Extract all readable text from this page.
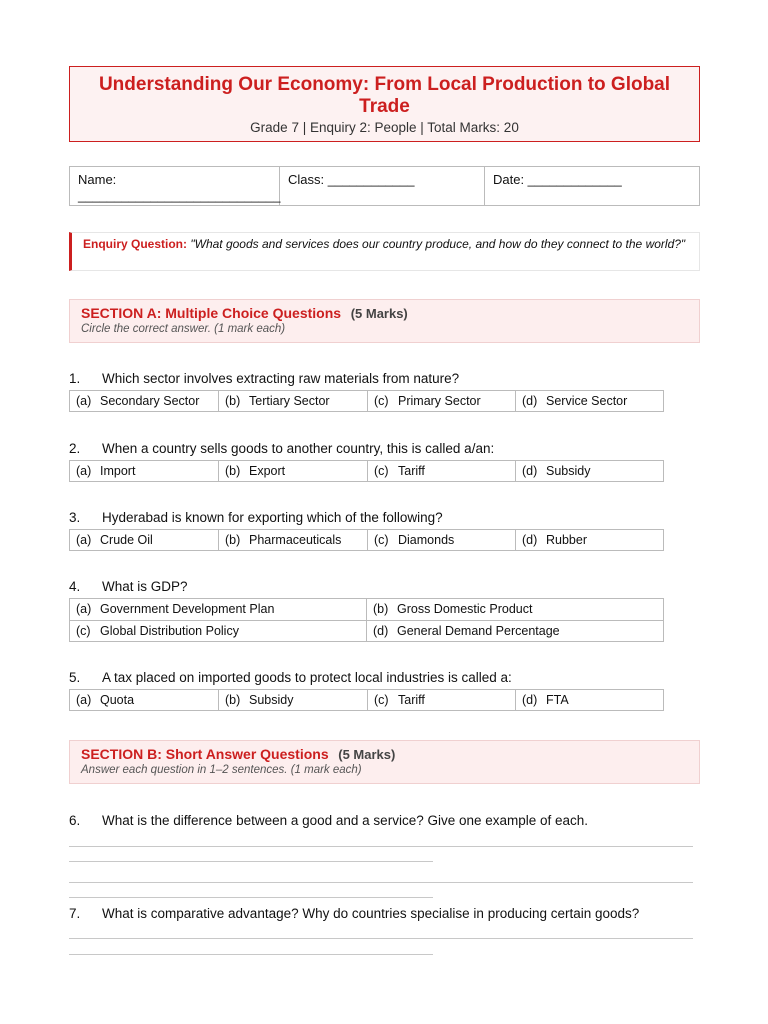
Understanding Our Economy: From Local Production to Global Trade
Grade 7 | Enquiry 2: People | Total Marks: 20
Name: ____________________________
Class: ____________	Date: _____________
Enquiry Question: "What goods and services does our country produce, and how do they connect to the world?"
SECTION A: Multiple Choice Questions (5 Marks)
Circle the correct answer. (1 mark each)
1. Which sector involves extracting raw materials from nature?
(a) Secondary Sector	(b) Tertiary Sector	(c) Primary Sector	(d) Service Sector
2. When a country sells goods to another country, this is called a/an:
(a) Import	(b) Export	(c) Tariff	(d) Subsidy
3. Hyderabad is known for exporting which of the following?
(a) Crude Oil	(b) Pharmaceuticals	(c) Diamonds	(d) Rubber
4. What is GDP?
(a) Government Development Plan	(b) Gross Domestic Product
(c) Global Distribution Policy	(d) General Demand Percentage
5. A tax placed on imported goods to protect local industries is called a:
(a) Quota	(b) Subsidy	(c) Tariff	(d) FTA
SECTION B: Short Answer Questions (5 Marks)
Answer each question in 1–2 sentences. (1 mark each)
6. What is the difference between a good and a service? Give one example of each.
7. What is comparative advantage? Why do countries specialise in producing certain goods?
